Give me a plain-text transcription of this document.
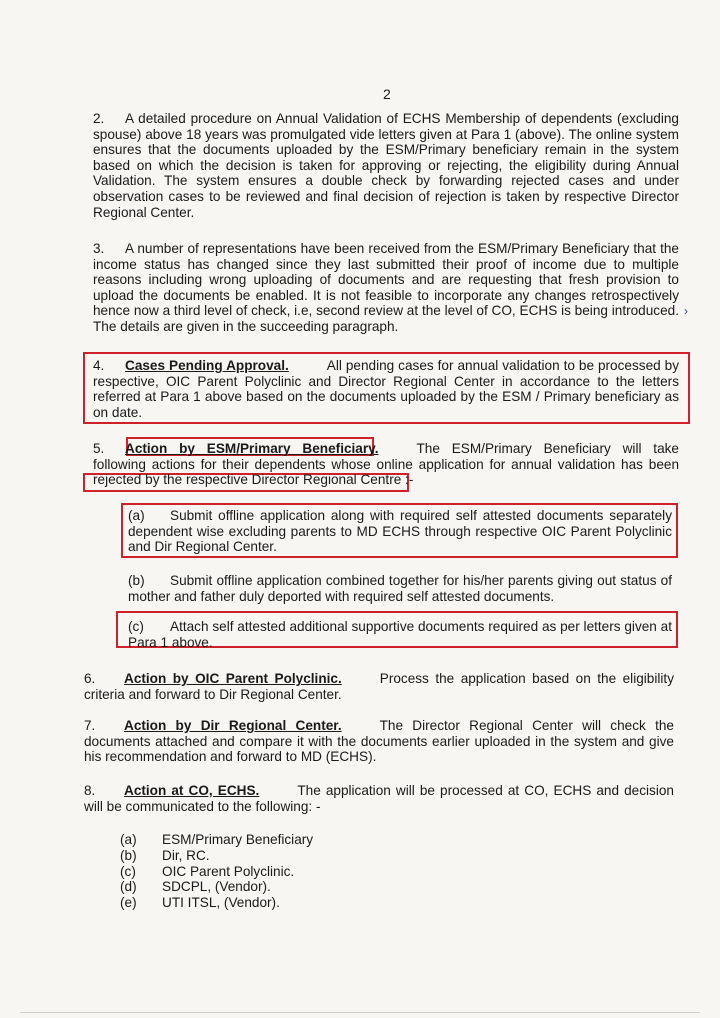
2

2. A detailed procedure on Annual Validation of ECHS Membership of dependents (excluding spouse) above 18 years was promulgated vide letters given at Para 1 (above). The online system ensures that the documents uploaded by the ESM/Primary beneficiary remain in the system based on which the decision is taken for approving or rejecting, the eligibility during Annual Validation. The system ensures a double check by forwarding rejected cases and under observation cases to be reviewed and final decision of rejection is taken by respective Director Regional Center.

3. A number of representations have been received from the ESM/Primary Beneficiary that the income status has changed since they last submitted their proof of income due to multiple reasons including wrong uploading of documents and are requesting that fresh provision to upload the documents be enabled. It is not feasible to incorporate any changes retrospectively hence now a third level of check, i.e, second review at the level of CO, ECHS is being introduced. The details are given in the succeeding paragraph.

›

4. Cases Pending Approval.	All pending cases for annual validation to be processed by respective, OIC Parent Polyclinic and Director Regional Center in accordance to the letters referred at Para 1 above based on the documents uploaded by the ESM / Primary beneficiary as on date.

5. Action by ESM/Primary Beneficiary.	The ESM/Primary Beneficiary will take following actions for their dependents whose online application for annual validation has been rejected by the respective Director Regional Centre :-

(a) Submit offline application along with required self attested documents separately dependent wise excluding parents to MD ECHS through respective OIC Parent Polyclinic and Dir Regional Center.

(b) Submit offline application combined together for his/her parents giving out status of mother and father duly deported with required self attested documents.

(c) Attach self attested additional supportive documents required as per letters given at Para 1 above.

6. Action by OIC Parent Polyclinic.	Process the application based on the eligibility criteria and forward to Dir Regional Center.

7. Action by Dir Regional Center.	The Director Regional Center will check the documents attached and compare it with the documents earlier uploaded in the system and give his recommendation and forward to MD (ECHS).

8. Action at CO, ECHS.	The application will be processed at CO, ECHS and decision will be communicated to the following: -

(a)	ESM/Primary Beneficiary
(b)	Dir, RC.
(c)	OIC Parent Polyclinic.
(d)	SDCPL, (Vendor).
(e)	UTI ITSL, (Vendor).
